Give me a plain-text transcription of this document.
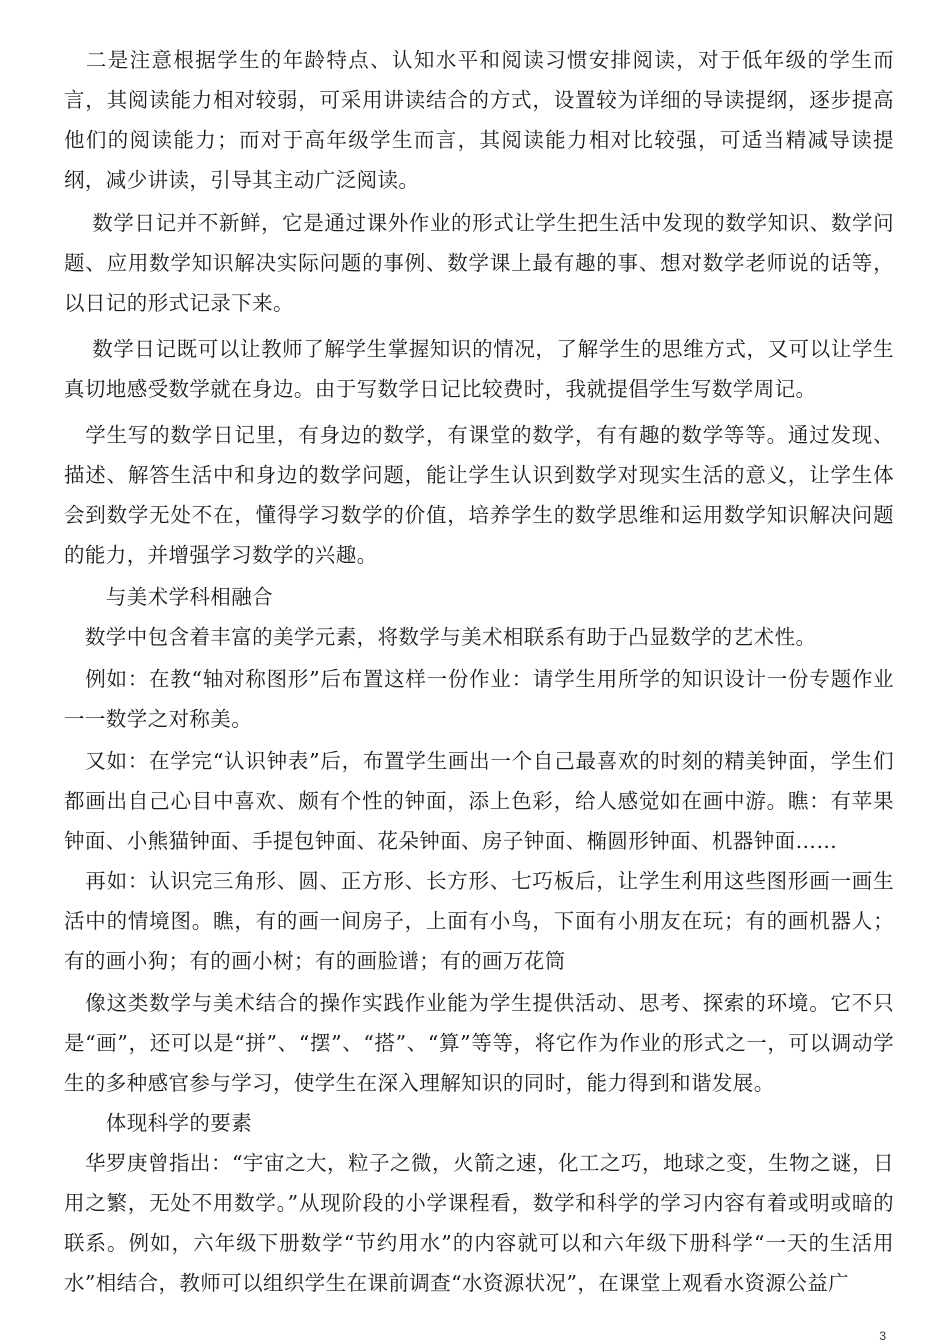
　二是注意根据学生的年龄特点、认知水平和阅读习惯安排阅读，对于低年级的学生而言，其阅读能力相对较弱，可采用讲读结合的方式，设置较为详细的导读提纲，逐步提高他们的阅读能力；而对于高年级学生而言，其阅读能力相对比较强，可适当精减导读提纲，减少讲读，引导其主动广泛阅读。

　 数学日记并不新鲜，它是通过课外作业的形式让学生把生活中发现的数学知识、数学问题、应用数学知识解决实际问题的事例、数学课上最有趣的事、想对数学老师说的话等，以日记的形式记录下来。

　 数学日记既可以让教师了解学生掌握知识的情况，了解学生的思维方式，又可以让学生真切地感受数学就在身边。由于写数学日记比较费时，我就提倡学生写数学周记。

　学生写的数学日记里，有身边的数学，有课堂的数学，有有趣的数学等等。通过发现、描述、解答生活中和身边的数学问题，能让学生认识到数学对现实生活的意义，让学生体会到数学无处不在，懂得学习数学的价值，培养学生的数学思维和运用数学知识解决问题的能力，并增强学习数学的兴趣。

　　与美术学科相融合

　数学中包含着丰富的美学元素，将数学与美术相联系有助于凸显数学的艺术性。

　例如：在教“轴对称图形”后布置这样一份作业：请学生用所学的知识设计一份专题作业一一数学之对称美。

　又如：在学完“认识钟表”后，布置学生画出一个自己最喜欢的时刻的精美钟面，学生们都画出自己心目中喜欢、颇有个性的钟面，添上色彩，给人感觉如在画中游。瞧：有苹果钟面、小熊猫钟面、手提包钟面、花朵钟面、房子钟面、椭圆形钟面、机器钟面……

　再如：认识完三角形、圆、正方形、长方形、七巧板后，让学生利用这些图形画一画生活中的情境图。瞧，有的画一间房子，上面有小鸟，下面有小朋友在玩；有的画机器人；有的画小狗；有的画小树；有的画脸谱；有的画万花筒

　像这类数学与美术结合的操作实践作业能为学生提供活动、思考、探索的环境。它不只是“画”，还可以是“拼”、“摆”、“搭”、“算”等等，将它作为作业的形式之一，可以调动学生的多种感官参与学习，使学生在深入理解知识的同时，能力得到和谐发展。

　　体现科学的要素

　华罗庚曾指出：“宇宙之大，粒子之微，火箭之速，化工之巧，地球之变，生物之谜，日用之繁，无处不用数学。”从现阶段的小学课程看，数学和科学的学习内容有着或明或暗的联系。例如，六年级下册数学“节约用水”的内容就可以和六年级下册科学“一天的生活用水”相结合，教师可以组织学生在课前调查“水资源状况”，在课堂上观看水资源公益广

3
